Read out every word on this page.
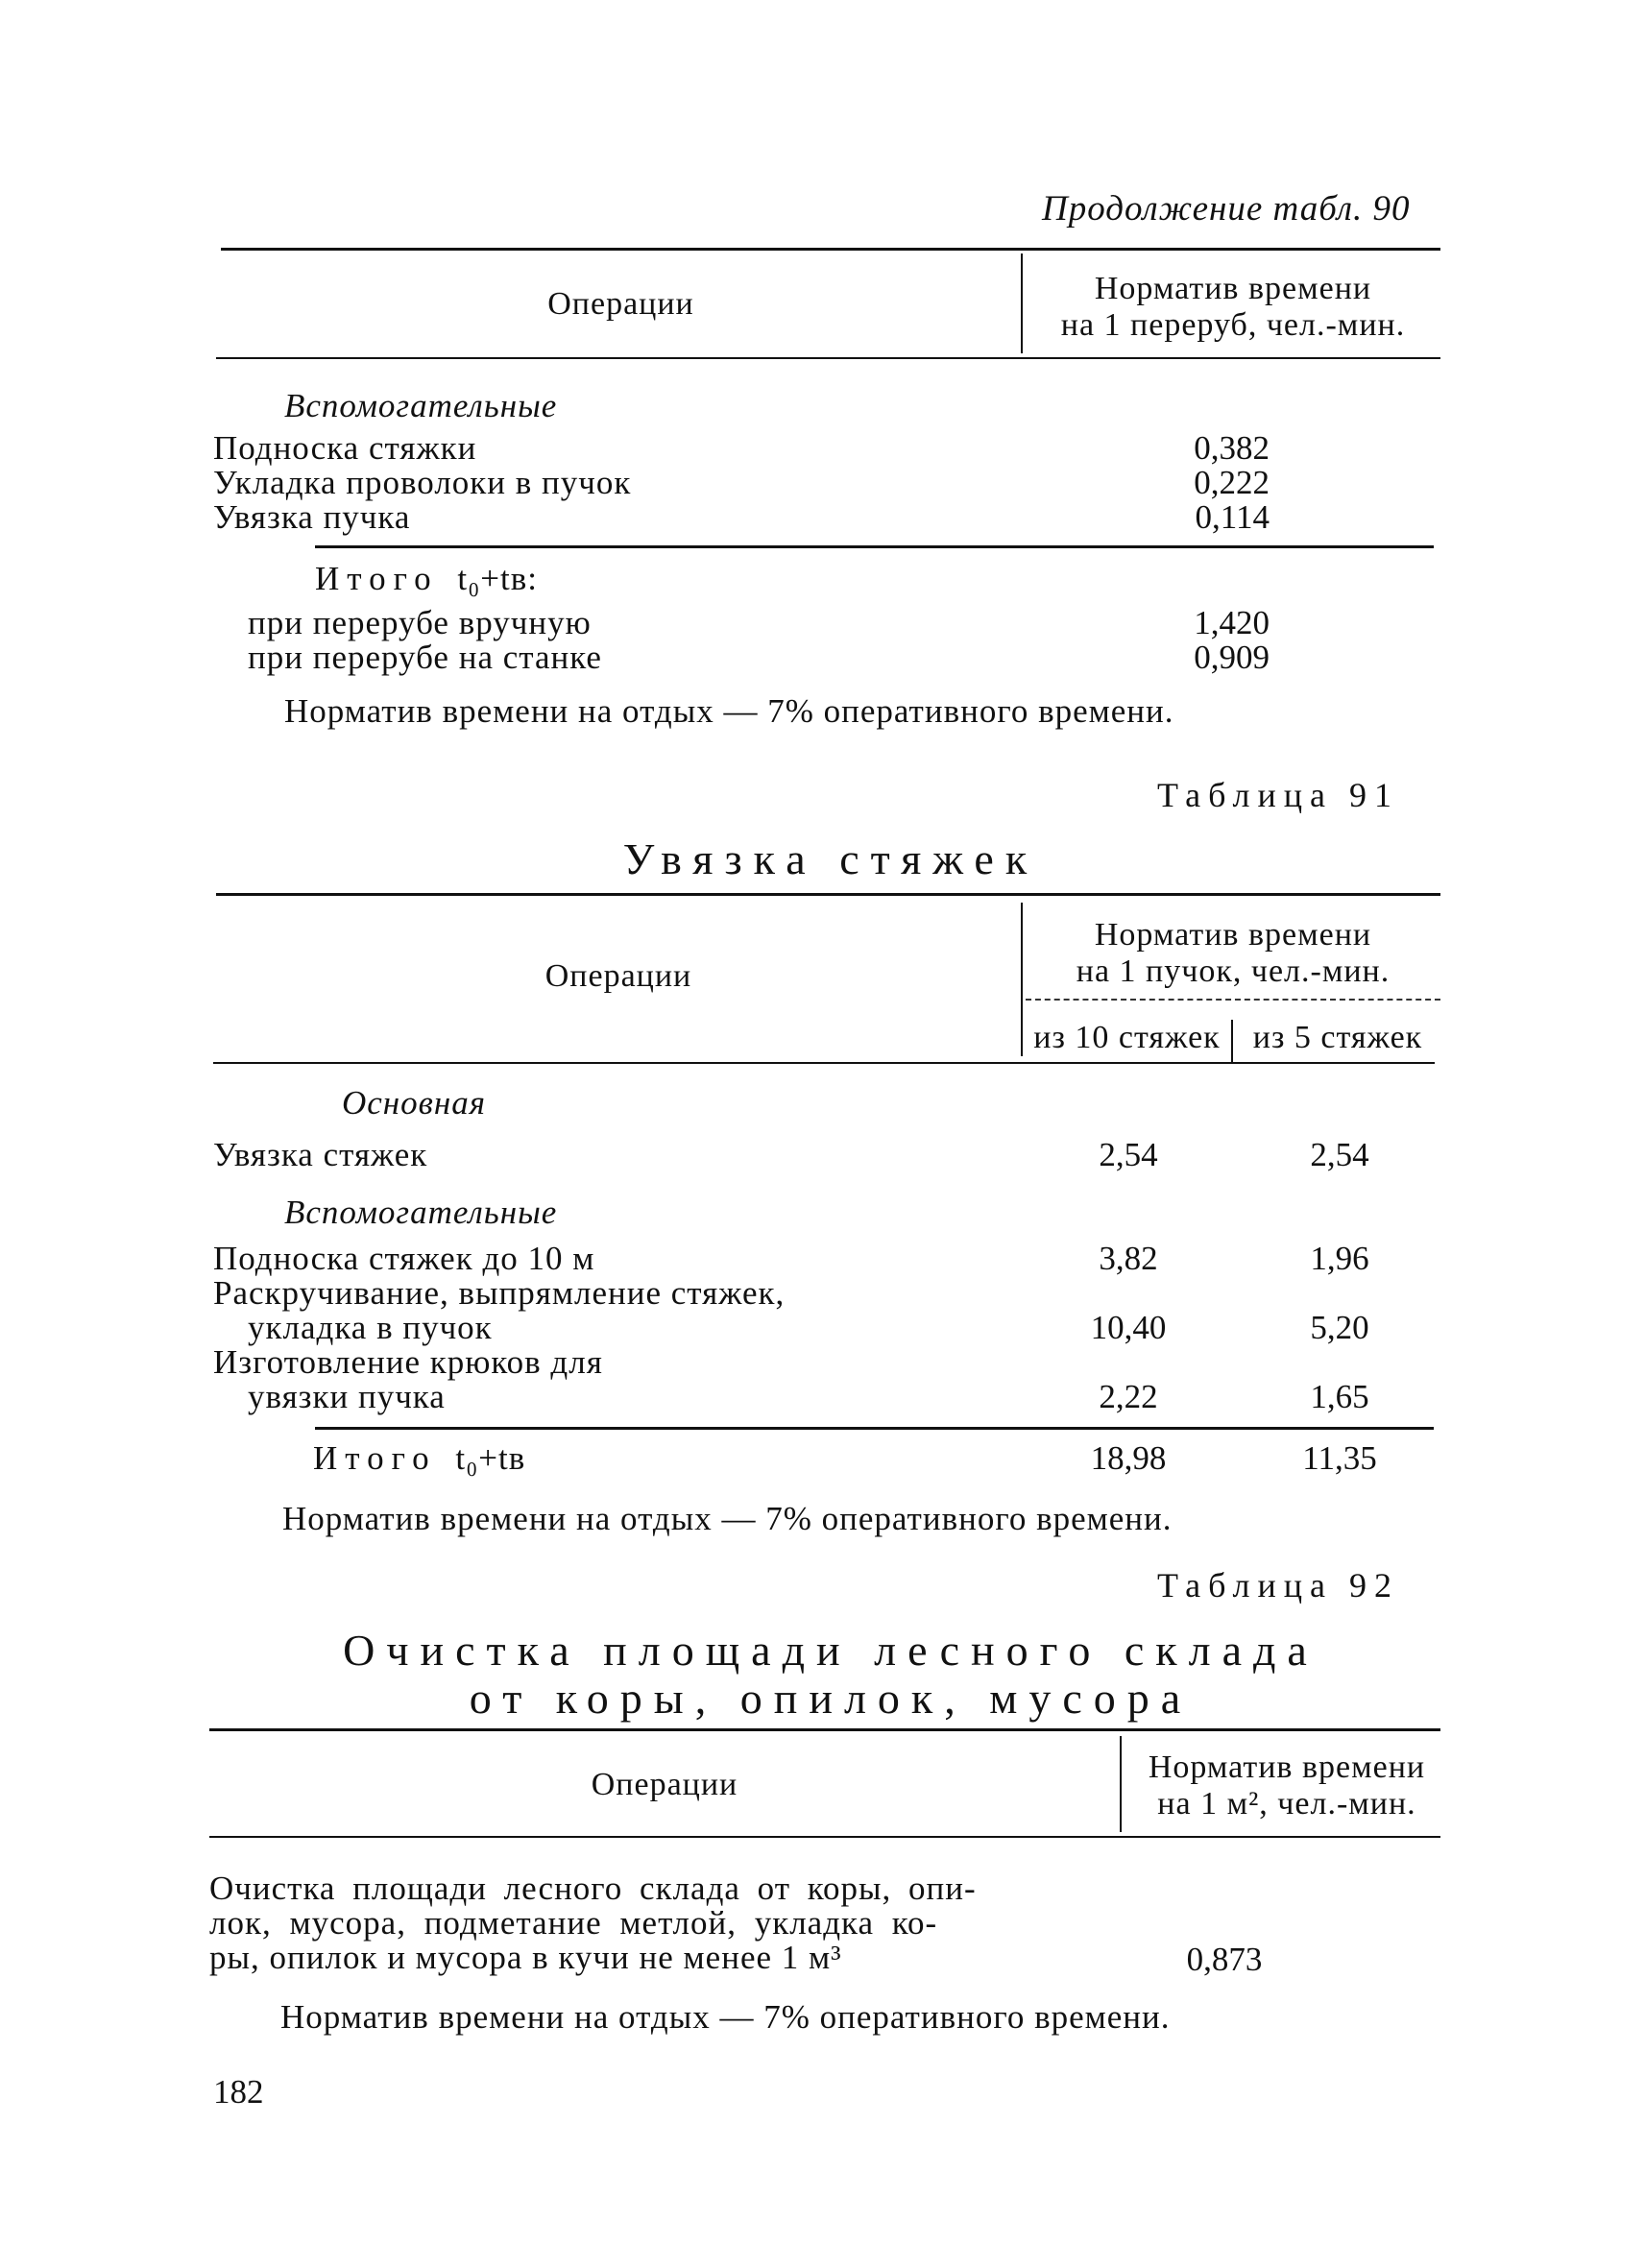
Продолжение табл. 90
Операции	Норматив времени
на 1 переруб, чел.-мин.
Вспомогательные
Подноска стяжки	0,382
Укладка проволоки в пучок	0,222
Увязка пучка	0,114
Итого t₀+tв:
при перерубе вручную	1,420
при перерубе на станке	0,909
Норматив времени на отдых — 7% оперативного времени.
Таблица 91
Увязка стяжек
Операции
Норматив времени
на 1 пучок, чел.-мин.
из 10 стяжек	из 5 стяжек
Основная
Увязка стяжек	2,54	2,54
Вспомогательные
Подноска стяжек до 10 м	3,82	1,96
Раскручивание, выпрямление стяжек,
укладка в пучок	10,40	5,20
Изготовление крюков для
увязки пучка	2,22	1,65
Итого t₀+tв	18,98	11,35
Норматив времени на отдых — 7% оперативного времени.
Таблица 92
Очистка площади лесного склада
от коры, опилок, мусора
Операции	Норматив времени
на 1 м², чел.-мин.
Очистка площади лесного склада от коры, опи-
лок, мусора, подметание метлой, укладка ко-
ры, опилок и мусора в кучи не менее 1 м³	0,873
Норматив времени на отдых — 7% оперативного времени.
182
